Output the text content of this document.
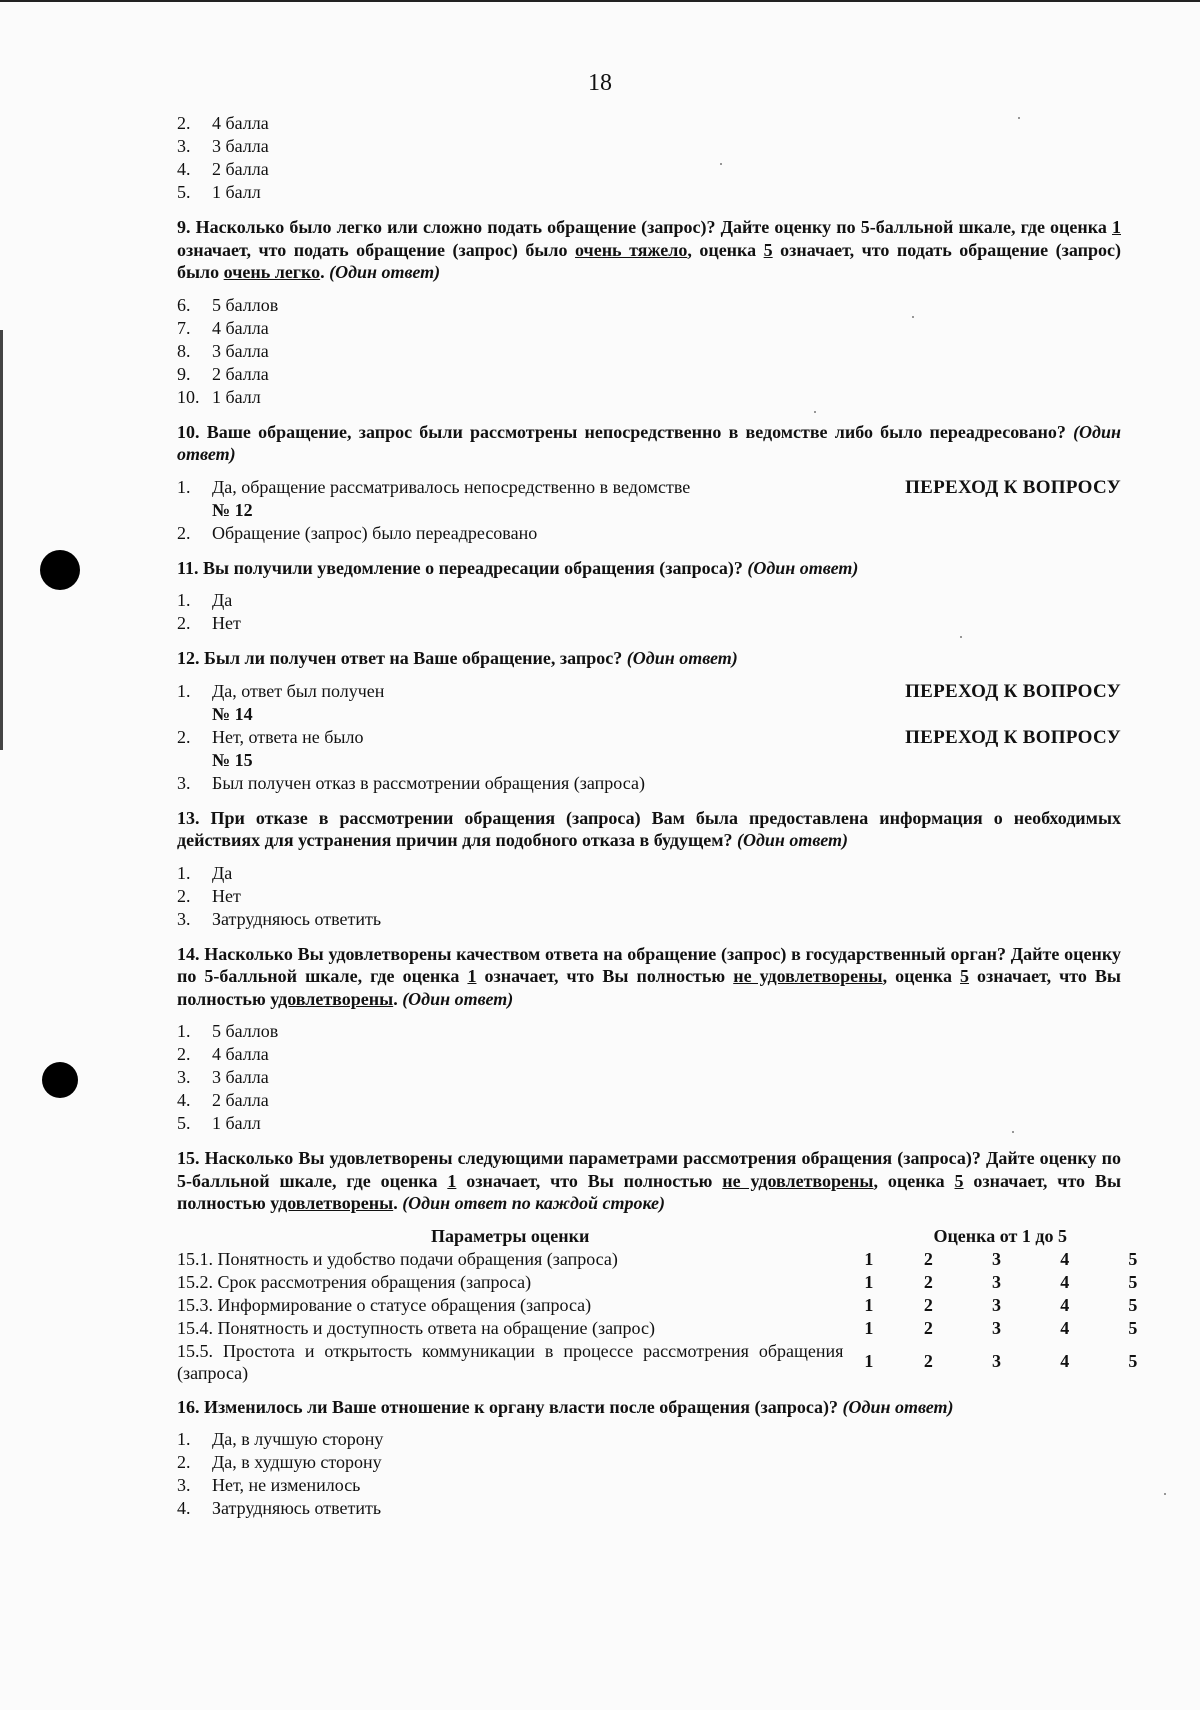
18
2.	4 балла
3.	3 балла
4.	2 балла
5.	1 балл
9. Насколько было легко или сложно подать обращение (запрос)? Дайте оценку по 5-балльной шкале, где оценка 1 означает, что подать обращение (запрос) было очень тяжело, оценка 5 означает, что подать обращение (запрос) было очень легко. (Один ответ)
6.	5 баллов
7.	4 балла
8.	3 балла
9.	2 балла
10. 1 балл
10. Ваше обращение, запрос были рассмотрены непосредственно в ведомстве либо было переадресовано? (Один ответ)
1.	Да, обращение рассматривалось непосредственно в ведомстве	ПЕРЕХОД К ВОПРОСУ
№ 12
2.	Обращение (запрос) было переадресовано
11. Вы получили уведомление о переадресации обращения (запроса)? (Один ответ)
1.	Да
2.	Нет
12. Был ли получен ответ на Ваше обращение, запрос? (Один ответ)
1.	Да, ответ был получен	ПЕРЕХОД К ВОПРОСУ
№ 14
2.	Нет, ответа не было	ПЕРЕХОД К ВОПРОСУ
№ 15
3.	Был получен отказ в рассмотрении обращения (запроса)
13. При отказе в рассмотрении обращения (запроса) Вам была предоставлена информация о необходимых действиях для устранения причин для подобного отказа в будущем? (Один ответ)
1.	Да
2.	Нет
3.	Затрудняюсь ответить
14. Насколько Вы удовлетворены качеством ответа на обращение (запрос) в государственный орган? Дайте оценку по 5-балльной шкале, где оценка 1 означает, что Вы полностью не удовлетворены, оценка 5 означает, что Вы полностью удовлетворены. (Один ответ)
1.	5 баллов
2.	4 балла
3.	3 балла
4.	2 балла
5.	1 балл
15. Насколько Вы удовлетворены следующими параметрами рассмотрения обращения (запроса)? Дайте оценку по 5-балльной шкале, где оценка 1 означает, что Вы полностью не удовлетворены, оценка 5 означает, что Вы полностью удовлетворены. (Один ответ по каждой строке)
Параметры оценки	Оценка от 1 до 5				
15.1. Понятность и удобство подачи обращения (запроса)	1	2	3	4	5
15.2. Срок рассмотрения обращения (запроса)	1	2	3	4	5
15.3. Информирование о статусе обращения (запроса)	1	2	3	4	5
15.4. Понятность и доступность ответа на обращение (запрос)	1	2	3	4	5
15.5. Простота и открытость коммуникации в процессе рассмотрения обращения (запроса)	1	2	3	4	5
16. Изменилось ли Ваше отношение к органу власти после обращения (запроса)? (Один ответ)
1.	Да, в лучшую сторону
2.	Да, в худшую сторону
3.	Нет, не изменилось
4.	Затрудняюсь ответить
